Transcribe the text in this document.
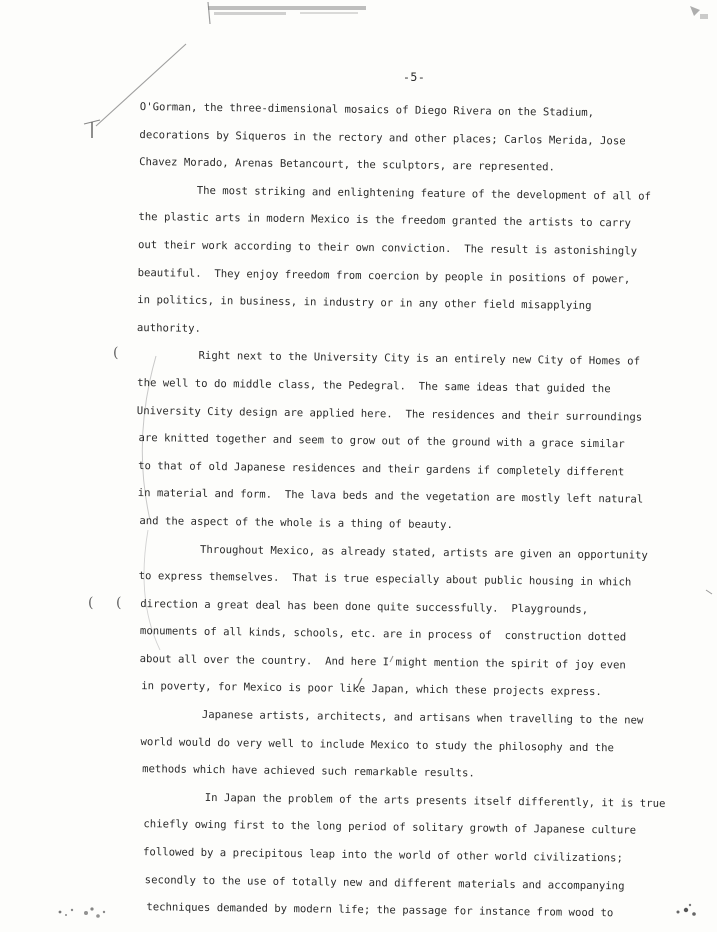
(
( (
-5-
O'Gorman, the three-dimensional mosaics of Diego Rivera on the Stadium,
decorations by Siqueros in the rectory and other places; Carlos Merida, Jose
Chavez Morado, Arenas Betancourt, the sculptors, are represented.
The most striking and enlightening feature of the development of all of
the plastic arts in modern Mexico is the freedom granted the artists to carry
out their work according to their own conviction.  The result is astonishingly
beautiful.  They enjoy freedom from coercion by people in positions of power,
in politics, in business, in industry or in any other field misapplying
authority.
Right next to the University City is an entirely new City of Homes of
the well to do middle class, the Pedegral.  The same ideas that guided the
University City design are applied here.  The residences and their surroundings
are knitted together and seem to grow out of the ground with a grace similar
to that of old Japanese residences and their gardens if completely different
in material and form.  The lava beds and the vegetation are mostly left natural
and the aspect of the whole is a thing of beauty.
Throughout Mexico, as already stated, artists are given an opportunity
to express themselves.  That is true especially about public housing in which
direction a great deal has been done quite successfully.  Playgrounds,
monuments of all kinds, schools, etc. are in process of  construction dotted
about all over the country.  And here I might mention the spirit of joy even
in poverty, for Mexico is poor like Japan, which these projects express.
Japanese artists, architects, and artisans when travelling to the new
world would do very well to include Mexico to study the philosophy and the
methods which have achieved such remarkable results.
In Japan the problem of the arts presents itself differently, it is true
chiefly owing first to the long period of solitary growth of Japanese culture
followed by a precipitous leap into the world of other world civilizations;
secondly to the use of totally new and different materials and accompanying
techniques demanded by modern life; the passage for instance from wood to
